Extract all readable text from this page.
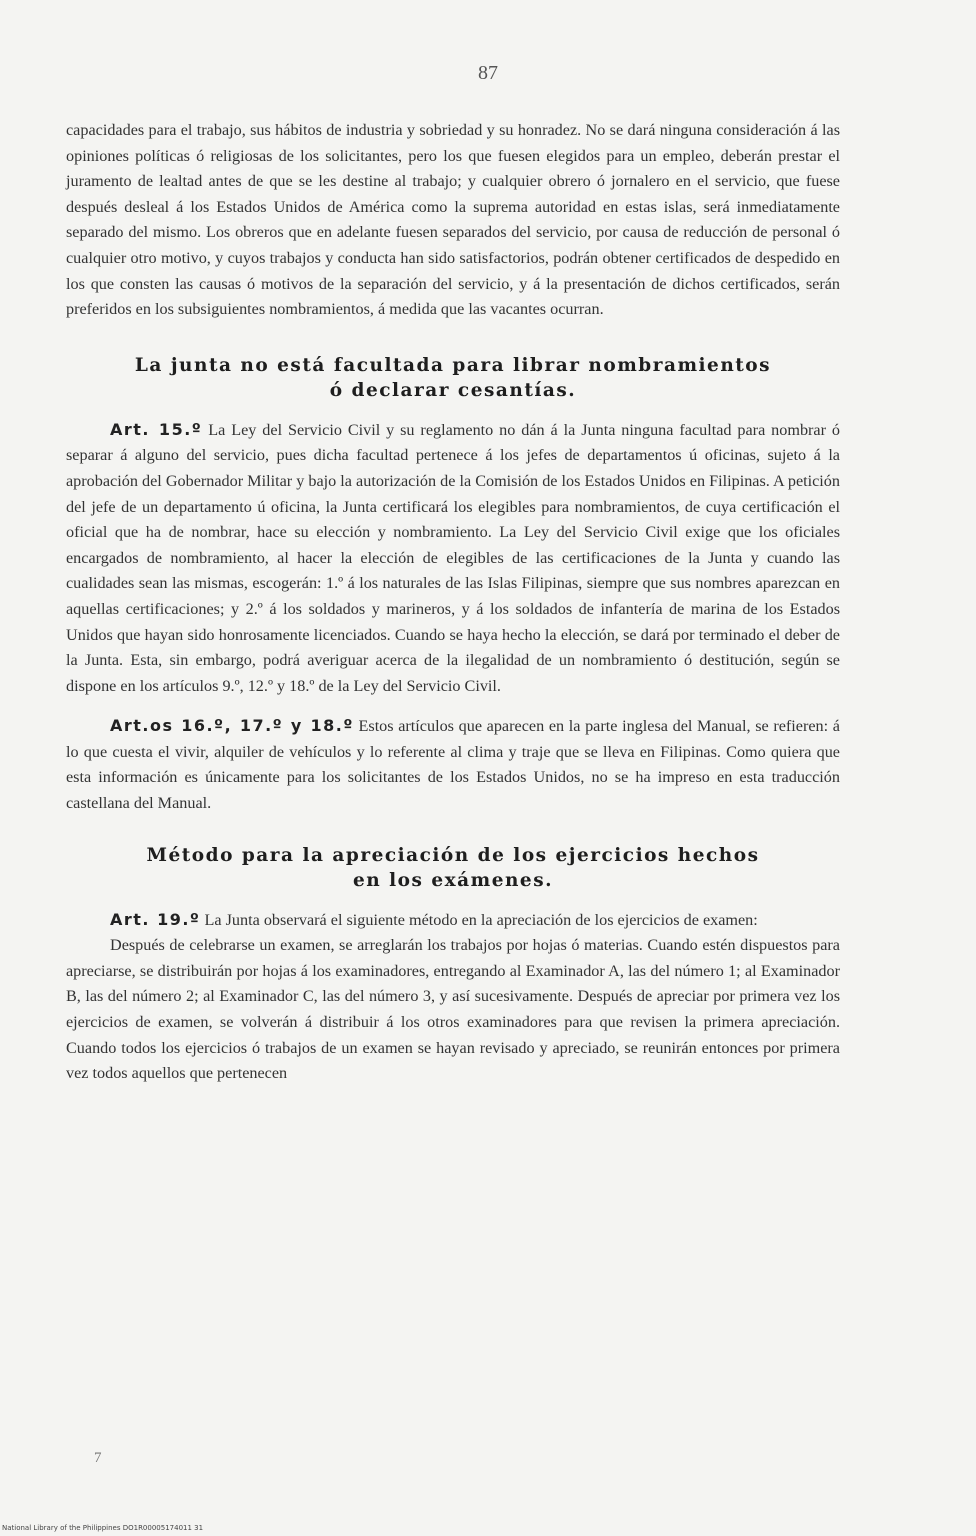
87

capacidades para el trabajo, sus hábitos de industria y sobriedad y su honradez. No se dará ninguna consideración á las opiniones políticas ó religiosas de los solicitantes, pero los que fuesen elegidos para un empleo, deberán prestar el juramento de lealtad antes de que se les destine al trabajo; y cualquier obrero ó jornalero en el servicio, que fuese después desleal á los Estados Unidos de América como la suprema autoridad en estas islas, será inmediatamente separado del mismo. Los obreros que en adelante fuesen separados del servicio, por causa de reducción de personal ó cualquier otro motivo, y cuyos trabajos y conducta han sido satisfactorios, podrán obtener certificados de despedido en los que consten las causas ó motivos de la separación del servicio, y á la presentación de dichos certificados, serán preferidos en los subsiguientes nombramientos, á medida que las vacantes ocurran.

La junta no está facultada para librar nombramientos
ó declarar cesantías.

Art. 15.º La Ley del Servicio Civil y su reglamento no dán á la Junta ninguna facultad para nombrar ó separar á alguno del servicio, pues dicha facultad pertenece á los jefes de departamentos ú oficinas, sujeto á la aprobación del Gobernador Militar y bajo la autorización de la Comisión de los Estados Unidos en Filipinas. A petición del jefe de un departamento ú oficina, la Junta certificará los elegibles para nombramientos, de cuya certificación el oficial que ha de nombrar, hace su elección y nombramiento. La Ley del Servicio Civil exige que los oficiales encargados de nombramiento, al hacer la elección de elegibles de las certificaciones de la Junta y cuando las cualidades sean las mismas, escogerán: 1.º á los naturales de las Islas Filipinas, siempre que sus nombres aparezcan en aquellas certificaciones; y 2.º á los soldados y marineros, y á los soldados de infantería de marina de los Estados Unidos que hayan sido honrosamente licenciados. Cuando se haya hecho la elección, se dará por terminado el deber de la Junta. Esta, sin embargo, podrá averiguar acerca de la ilegalidad de un nombramiento ó destitución, según se dispone en los artículos 9.º, 12.º y 18.º de la Ley del Servicio Civil.

Art.os 16.º, 17.º y 18.º Estos artículos que aparecen en la parte inglesa del Manual, se refieren: á lo que cuesta el vivir, alquiler de vehículos y lo referente al clima y traje que se lleva en Filipinas. Como quiera que esta información es únicamente para los solicitantes de los Estados Unidos, no se ha impreso en esta traducción castellana del Manual.

Método para la apreciación de los ejercicios hechos
en los exámenes.

Art. 19.º La Junta observará el siguiente método en la apreciación de los ejercicios de examen:

Después de celebrarse un examen, se arreglarán los trabajos por hojas ó materias. Cuando estén dispuestos para apreciarse, se distribuirán por hojas á los examinadores, entregando al Examinador A, las del número 1; al Examinador B, las del número 2; al Examinador C, las del número 3, y así sucesivamente. Después de apreciar por primera vez los ejercicios de examen, se volverán á distribuir á los otros examinadores para que revisen la primera apreciación. Cuando todos los ejercicios ó trabajos de un examen se hayan revisado y apreciado, se reunirán entonces por primera vez todos aquellos que pertenecen

7
National Library of the Philippines DO1R00005174011 31
